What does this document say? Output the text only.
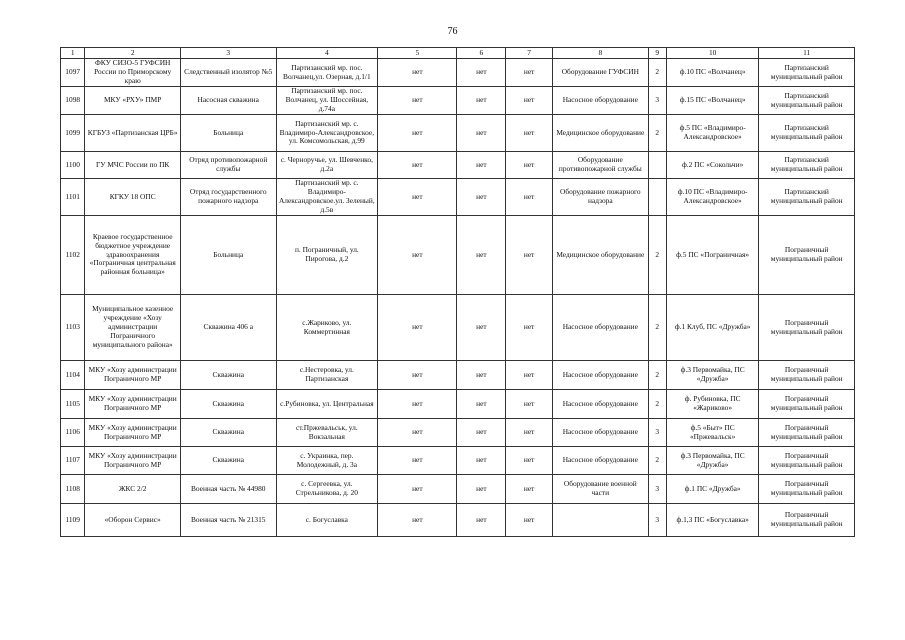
76
1	2	3	4	5	6	7	8	9	10	11
1097	ФКУ СИЗО-5 ГУФСИН России по Приморскому краю	Следственный изолятор №5	Партизанский мр. пос. Волчанец,ул. Озерная, д.1/1	нет	нет	нет	Оборудование ГУФСИН	2	ф.10 ПС «Волчанец»	Партизанский муниципальный район
1098	МКУ «РХУ» ПМР	Насосная скважина	Партизанский мр. пос. Волчанец, ул. Шоссейная, д.74а	нет	нет	нет	Насосное оборудование	3	ф.15 ПС «Волчанец»	Партизанский муниципальный район
1099	КГБУЗ «Партизанская ЦРБ»	Больница	Партизанский мр. с. Владимиро-Александровское, ул. Комсомольская, д.99	нет	нет	нет	Медицинское оборудование	2	ф.5 ПС «Владимиро-Александровское»	Партизанский муниципальный район
1100	ГУ МЧС России по ПК	Отряд противопожарной службы	с. Черноручье, ул. Шевченко, д.2а	нет	нет	нет	Оборудование противопожарной службы		ф.2 ПС «Сокольчи»	Партизанский муниципальный район
1101	КГКУ 18 ОПС	Отряд государственного пожарного надзора	Партизанский мр. с. Владимиро-Александровское.ул. Зеленый, д.5в	нет	нет	нет	Оборудование пожарного надзора		ф.10 ПС «Владимиро-Александровское»	Партизанский муниципальный район
1102	Краевое государственное бюджетное учреждение здравоохранения «Пограничная центральная районная больница»	Больница	п. Пограничный, ул. Пирогова, д.2	нет	нет	нет	Медицинское оборудование	2	ф.5 ПС «Пограничная»	Пограничный муниципальный район
1103	Муниципальное казенное учреждение «Хозу администрации Пограничного муниципального района»	Скважина 406 а	с.Жариково, ул. Коммертинная	нет	нет	нет	Насосное оборудование	2	ф.1 Клуб, ПС «Дружба»	Пограничный муниципальный район
1104	МКУ «Хозу администрации Пограничного МР	Скважина	с.Нестеровка, ул. Партизанская	нет	нет	нет	Насосное оборудование	2	ф.3 Первомайка, ПС «Дружба»	Пограничный муниципальный район
1105	МКУ «Хозу администрации Пограничного МР	Скважина	с.Рубиновка, ул. Центральная	нет	нет	нет	Насосное оборудование	2	ф. Рубиновка, ПС «Жариково»	Пограничный муниципальный район
1106	МКУ «Хозу администрации Пограничного МР	Скважина	ст.Пржевальськ, ул. Вокзальная	нет	нет	нет	Насосное оборудование	3	ф.5 «Быт» ПС «Пржевальск»	Пограничный муниципальный район
1107	МКУ «Хозу администрации Пограничного МР	Скважина	с. Украинка, пер. Молодежный, д. 3а	нет	нет	нет	Насосное оборудование	2	ф.3 Первомайка, ПС «Дружба»	Пограничный муниципальный район
1108	ЖКС 2/2	Военная часть № 44980	с. Сергеевка, ул. Стрельникова, д. 20	нет	нет	нет	Оборудование военной части	3	ф.1 ПС «Дружба»	Пограничный муниципальный район
1109	«Оборон Сервис»	Военная часть № 21315	с. Богуславка	нет	нет	нет		3	ф.1,3 ПС «Богуславка»	Пограничный муниципальный район
